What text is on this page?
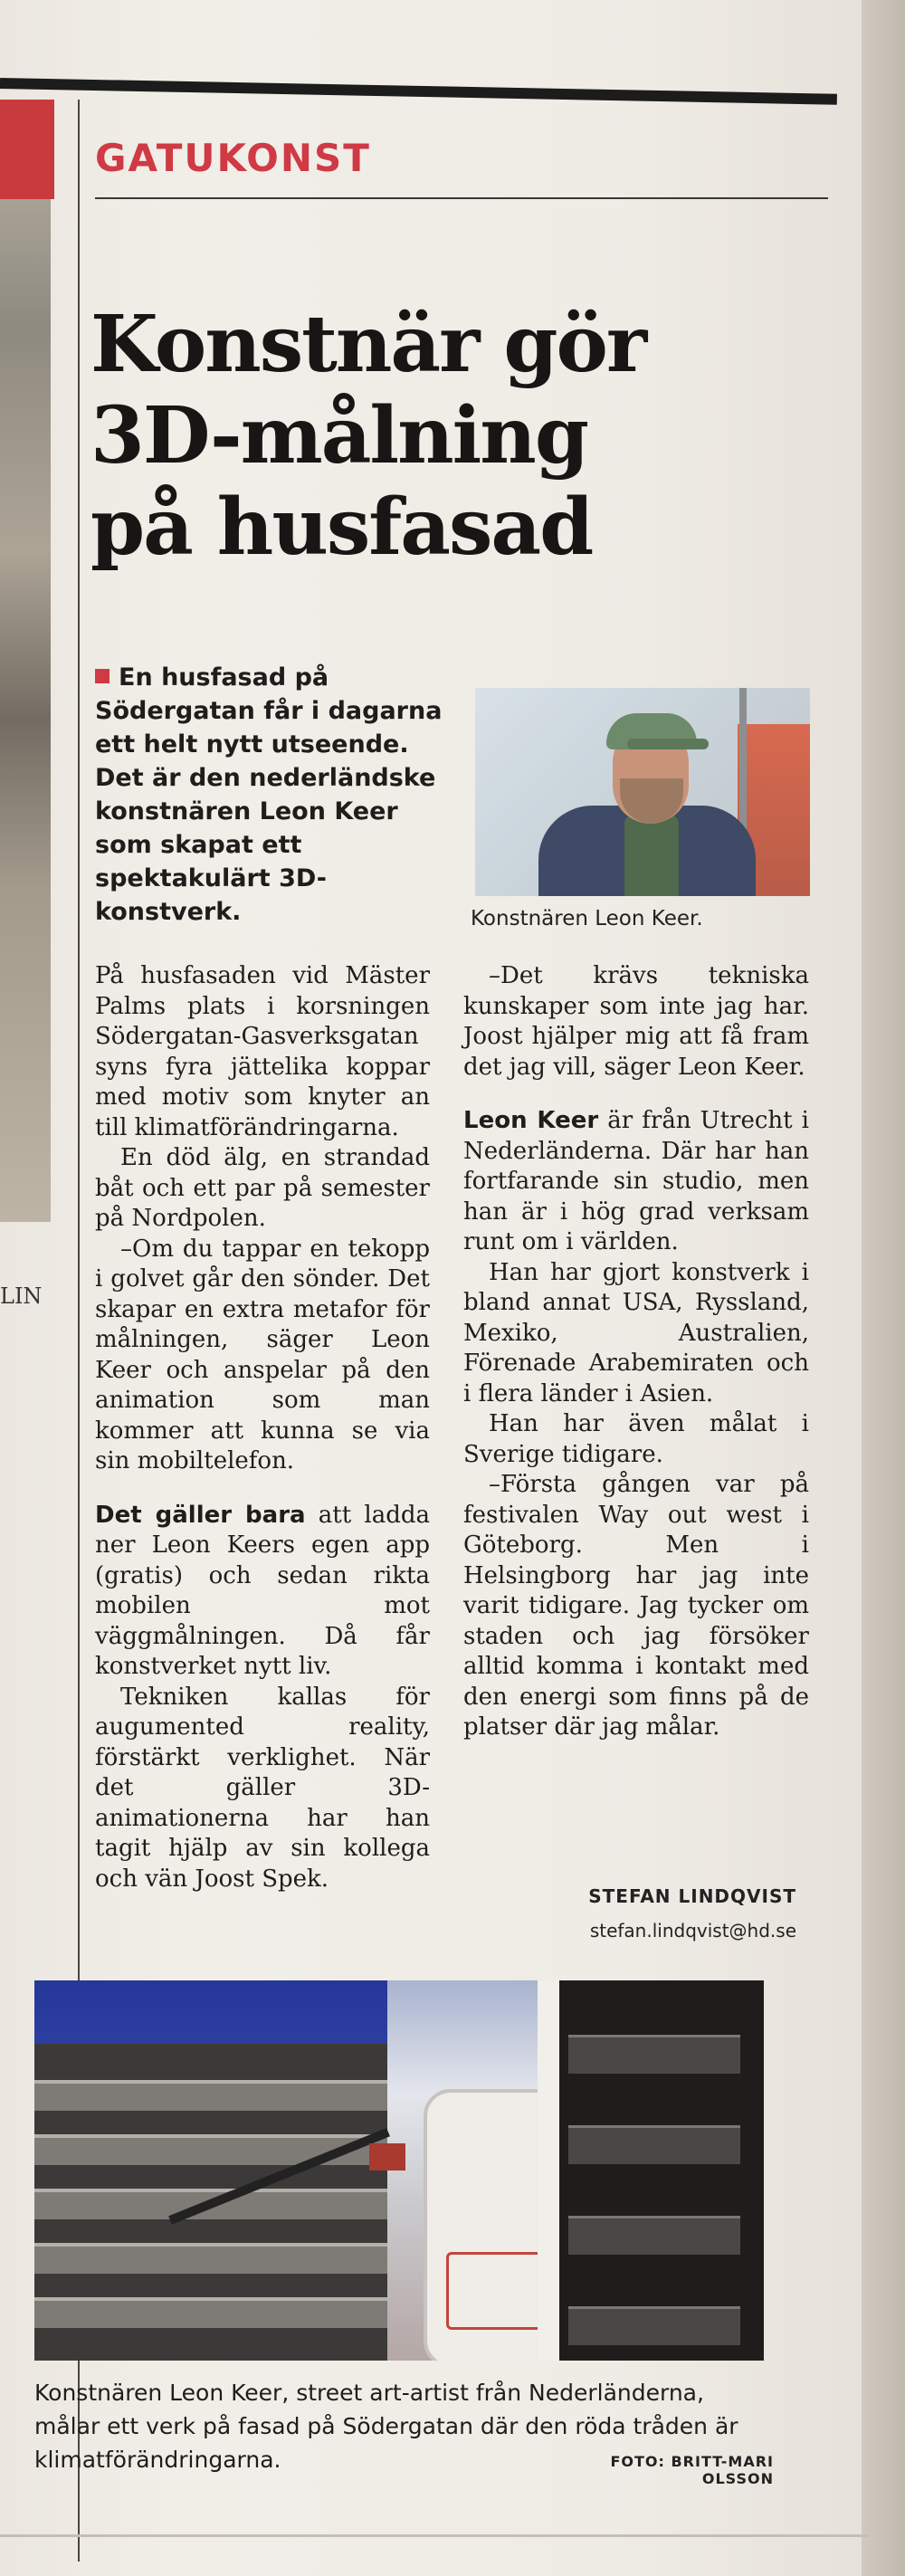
LIN
GATUKONST
Konstnär gör
3D-målning
på husfasad
En husfasad på Södergatan får i dagarna ett helt nytt utseende. Det är den nederländske konstnären Leon Keer som skapat ett spektakulärt 3D-konstverk.	Konstnären Leon Keer.

På husfasaden vid Mäster Palms plats i korsningen Södergatan-Gasverksgatan syns fyra jättelika koppar med motiv som knyter an till klimatförändringarna.

En död älg, en strandad båt och ett par på semester på Nordpolen.

–Om du tappar en tekopp i golvet går den sönder. Det skapar en extra metafor för målningen, säger Leon Keer och anspelar på den animation som man kommer att kunna se via sin mobiltelefon.

Det gäller bara att ladda ner Leon Keers egen app (gratis) och sedan rikta mobilen mot väggmålningen. Då får konstverket nytt liv.

Tekniken kallas för augumented reality, förstärkt verklighet. När det gäller 3D-animationerna har han tagit hjälp av sin kollega och vän Joost Spek.

–Det krävs tekniska kunskaper som inte jag har. Joost hjälper mig att få fram det jag vill, säger Leon Keer.

Leon Keer är från Utrecht i Nederländerna. Där har han fortfarande sin studio, men han är i hög grad verksam runt om i världen.

Han har gjort konstverk i bland annat USA, Ryssland, Mexiko, Australien, Förenade Arabemiraten och i flera länder i Asien.

Han har även målat i Sverige tidigare.

–Första gången var på festivalen Way out west i Göteborg. Men i Helsingborg har jag inte varit tidigare. Jag tycker om staden och jag försöker alltid komma i kontakt med den energi som finns på de platser där jag målar.

STEFAN LINDQVIST
stefan.lindqvist@hd.se
Konstnären Leon Keer, street art-artist från Nederländerna, målar ett verk på fasad på Södergatan där den röda tråden är klimatförändringarna.	FOTO: BRITT-MARI OLSSON
